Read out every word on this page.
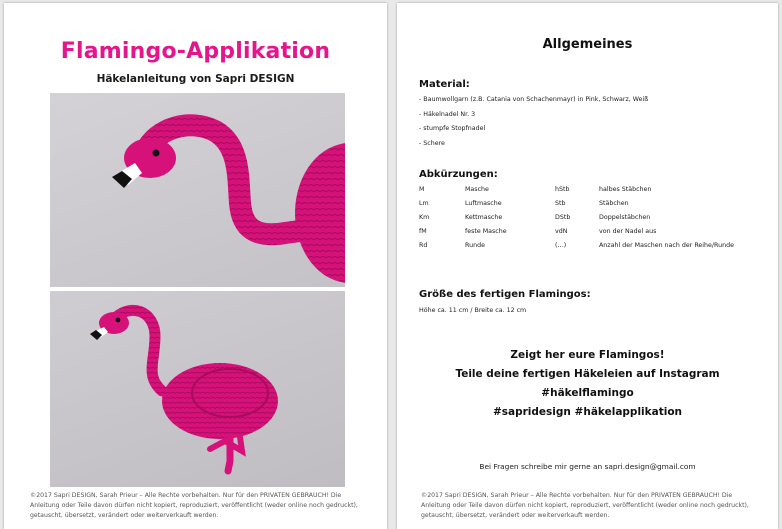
Flamingo-Applikation
Häkelanleitung von Sapri DESIGN
©2017 Sapri DESIGN, Sarah Prieur – Alle Rechte vorbehalten. Nur für den PRIVATEN GEBRAUCH! Die Anleitung oder Teile davon dürfen nicht kopiert, reproduziert, veröffentlicht (weder online noch gedruckt), getauscht, übersetzt, verändert oder weiterverkauft werden.
Allgemeines
Material:
- Baumwollgarn (z.B. Catania von Schachenmayr) in Pink, Schwarz, Weiß
- Häkelnadel Nr. 3
- stumpfe Stopfnadel
- Schere
Abkürzungen:
M	Masche	hStb	halbes Stäbchen
Lm	Luftmasche	Stb	Stäbchen
Km	Kettmasche	DStb	Doppelstäbchen
fM	feste Masche	vdN	von der Nadel aus
Rd	Runde	(…)	Anzahl der Maschen nach der Reihe/Runde
Größe des fertigen Flamingos:
Höhe ca. 11 cm / Breite ca. 12 cm
Zeigt her eure Flamingos!
Teile deine fertigen Häkeleien auf Instagram
#häkelflamingo
#sapridesign #häkelapplikation
Bei Fragen schreibe mir gerne an sapri.design@gmail.com
©2017 Sapri DESIGN, Sarah Prieur – Alle Rechte vorbehalten. Nur für den PRIVATEN GEBRAUCH! Die Anleitung oder Teile davon dürfen nicht kopiert, reproduziert, veröffentlicht (weder online noch gedruckt), getauscht, übersetzt, verändert oder weiterverkauft werden.
